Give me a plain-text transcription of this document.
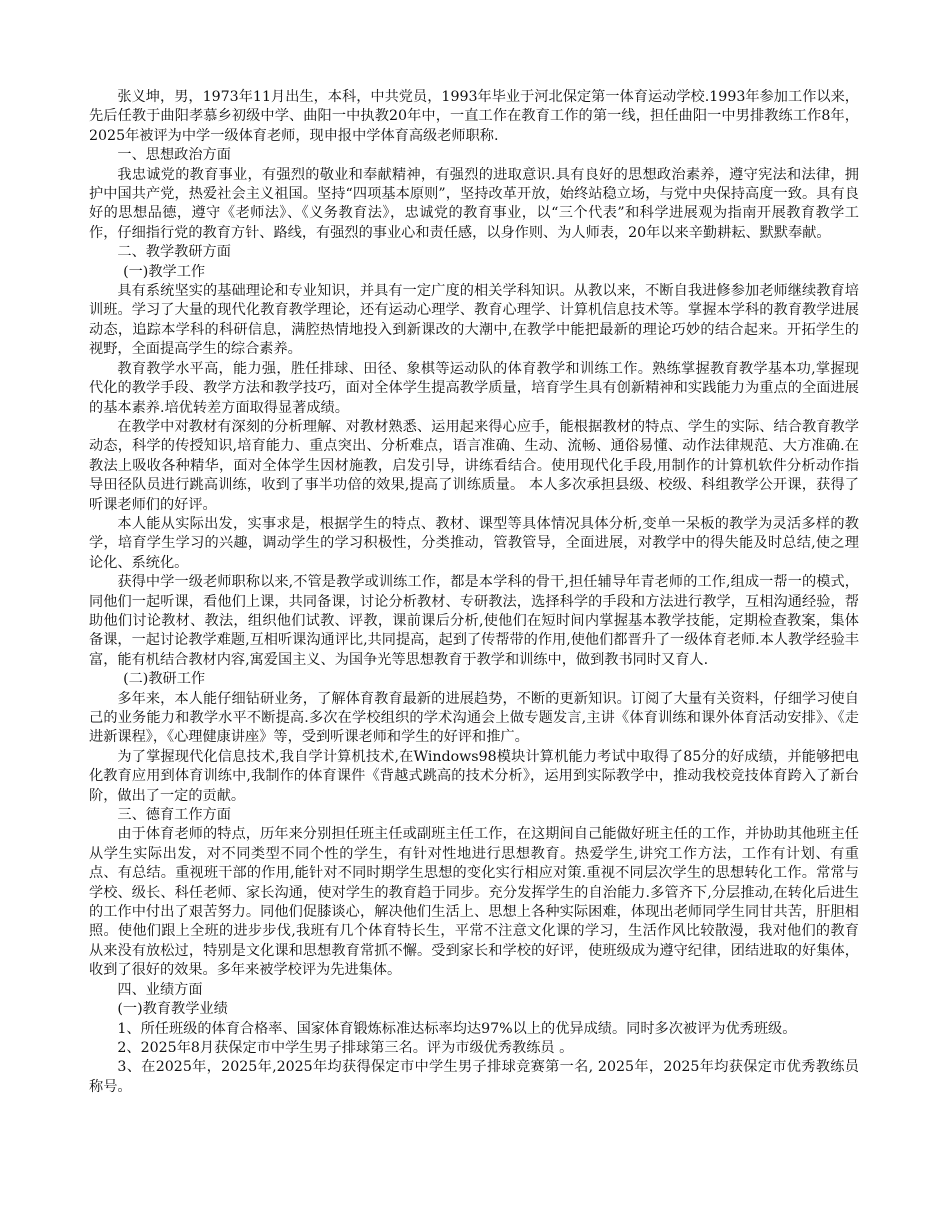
张义坤，男，1973年11月出生，本科，中共党员，1993年毕业于河北保定第一体育运动学校.1993年参加工作以来，先后任教于曲阳孝慕乡初级中学、曲阳一中执教20年中，一直工作在教育工作的第一线，担任曲阳一中男排教练工作8年，2025年被评为中学一级体育老师，现申报中学体育高级老师职称.

一、思想政治方面

我忠诚党的教育事业，有强烈的敬业和奉献精神，有强烈的进取意识.具有良好的思想政治素养，遵守宪法和法律，拥护中国共产党，热爱社会主义祖国。坚持“四项基本原则”，坚持改革开放，始终站稳立场，与党中央保持高度一致。具有良好的思想品德，遵守《老师法》、《义务教育法》，忠诚党的教育事业，以“三个代表”和科学进展观为指南开展教育教学工作，仔细指行党的教育方针、路线，有强烈的事业心和责任感，以身作则、为人师表，20年以来辛勤耕耘、默默奉献。

二、教学教研方面
(一)教学工作

具有系统坚实的基础理论和专业知识，并具有一定广度的相关学科知识。从教以来，不断自我进修参加老师继续教育培训班。学习了大量的现代化教育教学理论，还有运动心理学、教育心理学、计算机信息技术等。掌握本学科的教育教学进展动态，追踪本学科的科研信息，满腔热情地投入到新课改的大潮中,在教学中能把最新的理论巧妙的结合起来。开拓学生的视野，全面提高学生的综合素养。

教育教学水平高，能力强，胜任排球、田径、象棋等运动队的体育教学和训练工作。熟练掌握教育教学基本功,掌握现代化的教学手段、教学方法和教学技巧，面对全体学生提高教学质量，培育学生具有创新精神和实践能力为重点的全面进展的基本素养.培优转差方面取得显著成绩。

在教学中对教材有深刻的分析理解、对教材熟悉、运用起来得心应手，能根据教材的特点、学生的实际、结合教育教学动态，科学的传授知识,培育能力、重点突出、分析难点，语言准确、生动、流畅、通俗易懂、动作法律规范、大方准确.在教法上吸收各种精华，面对全体学生因材施教，启发引导，讲练看结合。使用现代化手段,用制作的计算机软件分析动作指导田径队员进行跳高训练，收到了事半功倍的效果,提高了训练质量。 本人多次承担县级、校级、科组教学公开课，获得了听课老师们的好评。

本人能从实际出发，实事求是，根据学生的特点、教材、课型等具体情况具体分析,变单一呆板的教学为灵活多样的教学，培育学生学习的兴趣，调动学生的学习积极性，分类推动，管教管导，全面进展，对教学中的得失能及时总结,使之理论化、系统化。

获得中学一级老师职称以来,不管是教学或训练工作，都是本学科的骨干,担任辅导年青老师的工作,组成一帮一的模式，同他们一起听课，看他们上课，共同备课，讨论分析教材、专研教法，选择科学的手段和方法进行教学，互相沟通经验，帮助他们讨论教材、教法，组织他们试教、评教，课前课后分析,使他们在短时间内掌握基本教学技能，定期检查教案，集体备课，一起讨论教学难题,互相听课沟通评比,共同提高，起到了传帮带的作用,使他们都晋升了一级体育老师.本人教学经验丰富，能有机结合教材内容,寓爱国主义、为国争光等思想教育于教学和训练中，做到教书同时又育人.

(二)教研工作

多年来，本人能仔细钻研业务，了解体育教育最新的进展趋势，不断的更新知识。订阅了大量有关资料，仔细学习使自己的业务能力和教学水平不断提高.多次在学校组织的学术沟通会上做专题发言,主讲《体育训练和课外体育活动安排》、《走进新课程》，《心理健康讲座》等，受到听课老师和学生的好评和推广。

为了掌握现代化信息技术,我自学计算机技术,在Windows98模块计算机能力考试中取得了85分的好成绩，并能够把电化教育应用到体育训练中,我制作的体育课件《背越式跳高的技术分析》，运用到实际教学中，推动我校竞技体育跨入了新台阶，做出了一定的贡献。

三、德育工作方面

由于体育老师的特点，历年来分别担任班主任或副班主任工作，在这期间自己能做好班主任的工作，并协助其他班主任从学生实际出发，对不同类型不同个性的学生，有针对性地进行思想教育。热爱学生,讲究工作方法，工作有计划、有重点、有总结。重视班干部的作用,能针对不同时期学生思想的变化实行相应对策.重视不同层次学生的思想转化工作。常常与学校、级长、科任老师、家长沟通，使对学生的教育趋于同步。充分发挥学生的自治能力.多管齐下,分层推动,在转化后进生的工作中付出了艰苦努力。同他们促膝谈心，解决他们生活上、思想上各种实际困难，体现出老师同学生同甘共苦，肝胆相照。使他们跟上全班的进步步伐,我班有几个体育特长生，平常不注意文化课的学习，生活作风比较散漫，我对他们的教育从来没有放松过，特别是文化课和思想教育常抓不懈。受到家长和学校的好评，使班级成为遵守纪律，团结进取的好集体，收到了很好的效果。多年来被学校评为先进集体。

四、业绩方面
(一)教育教学业绩

1、所任班级的体育合格率、国家体育锻炼标准达标率均达97%以上的优异成绩。同时多次被评为优秀班级。

2、2025年8月获保定市中学生男子排球第三名。评为市级优秀教练员 。

3、在2025年，2025年,2025年均获得保定市中学生男子排球竞赛第一名, 2025年，2025年均获保定市优秀教练员称号。
